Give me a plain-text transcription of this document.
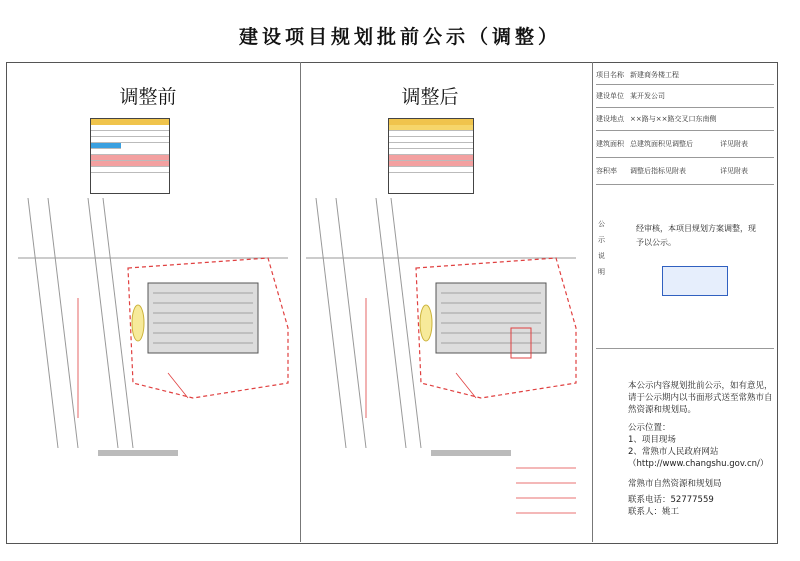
建设项目规划批前公示（调整）
调整前	调整后
项目名称 新建商务楼工程
建设单位 某开发公司
建设地点 ××路与××路交叉口东南侧
建筑面积 总建筑面积见调整后	详见附表
容积率	调整后指标见附表	详见附表
公示说明
经审核，本项目规划方案调整，现予以公示。
本公示内容规划批前公示，如有意见，请于公示期内以书面形式送至常熟市自然资源和规划局。
公示位置：
1、项目现场
2、常熟市人民政府网站
（http://www.changshu.gov.cn/）
常熟市自然资源和规划局
联系电话：52777559
联系人：姚工
